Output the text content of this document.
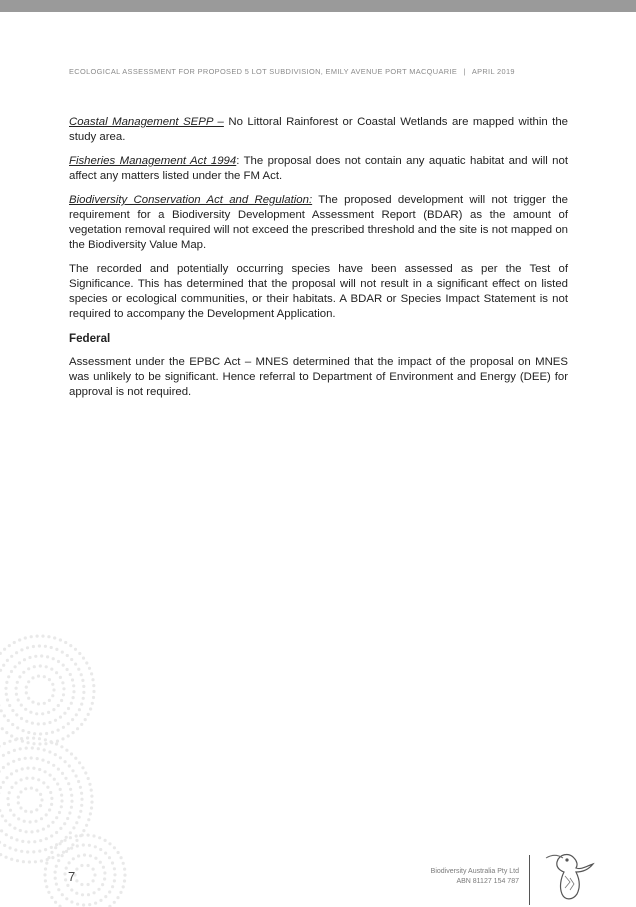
ECOLOGICAL ASSESSMENT FOR PROPOSED 5 LOT SUBDIVISION, EMILY AVENUE PORT MACQUARIE | APRIL 2019

Coastal Management SEPP – No Littoral Rainforest or Coastal Wetlands are mapped within the study area.

Fisheries Management Act 1994: The proposal does not contain any aquatic habitat and will not affect any matters listed under the FM Act.

Biodiversity Conservation Act and Regulation: The proposed development will not trigger the requirement for a Biodiversity Development Assessment Report (BDAR) as the amount of vegetation removal required will not exceed the prescribed threshold and the site is not mapped on the Biodiversity Value Map.

The recorded and potentially occurring species have been assessed as per the Test of Significance. This has determined that the proposal will not result in a significant effect on listed species or ecological communities, or their habitats. A BDAR or Species Impact Statement is not required to accompany the Development Application.

Federal

Assessment under the EPBC Act – MNES determined that the impact of the proposal on MNES was unlikely to be significant. Hence referral to Department of Environment and Energy (DEE) for approval is not required.

7	Biodiversity Australia Pty Ltd
ABN 81127 154 787
